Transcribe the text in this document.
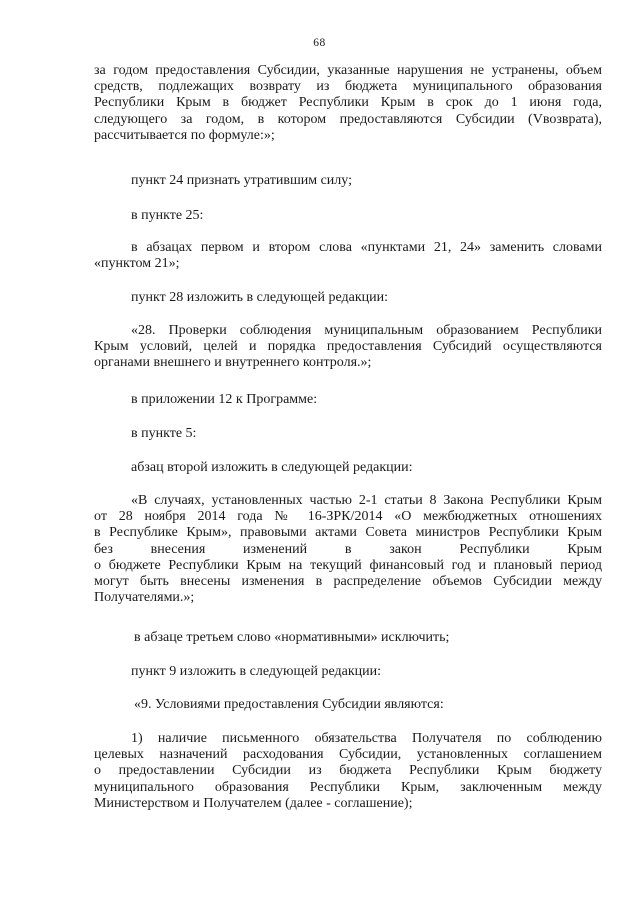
68
за годом предоставления Субсидии, указанные нарушения не устранены, объем
средств, подлежащих возврату из бюджета муниципального образования
Республики Крым в бюджет Республики Крым в срок до 1 июня года,
следующего за годом, в котором предоставляются Субсидии (Vвозврата),
рассчитывается по формуле:»;

пункт 24 признать утратившим силу;

в пункте 25:

в абзацах первом и втором слова «пунктами 21, 24» заменить словами
«пунктом 21»;

пункт 28 изложить в следующей редакции:

«28. Проверки соблюдения муниципальным образованием Республики
Крым условий, целей и порядка предоставления Субсидий осуществляются
органами внешнего и внутреннего контроля.»;

в приложении 12 к Программе:

в пункте 5:

абзац второй изложить в следующей редакции:

«В случаях, установленных частью 2-1 статьи 8 Закона Республики Крым
от 28 ноября 2014 года № 16-ЗРК/2014 «О межбюджетных отношениях
в Республике Крым», правовыми актами Совета министров Республики Крым
без	внесения	изменений	в	закон	Республики	Крым
о бюджете Республики Крым на текущий финансовый год и плановый период
могут быть внесены изменения в распределение объемов Субсидии между
Получателями.»;

в абзаце третьем слово «нормативными» исключить;

пункт 9 изложить в следующей редакции:

«9. Условиями предоставления Субсидии являются:

1) наличие письменного обязательства Получателя по соблюдению
целевых назначений расходования Субсидии, установленных соглашением
о предоставлении Субсидии из бюджета Республики Крым бюджету
муниципального образования Республики Крым, заключенным между
Министерством и Получателем (далее - соглашение);
